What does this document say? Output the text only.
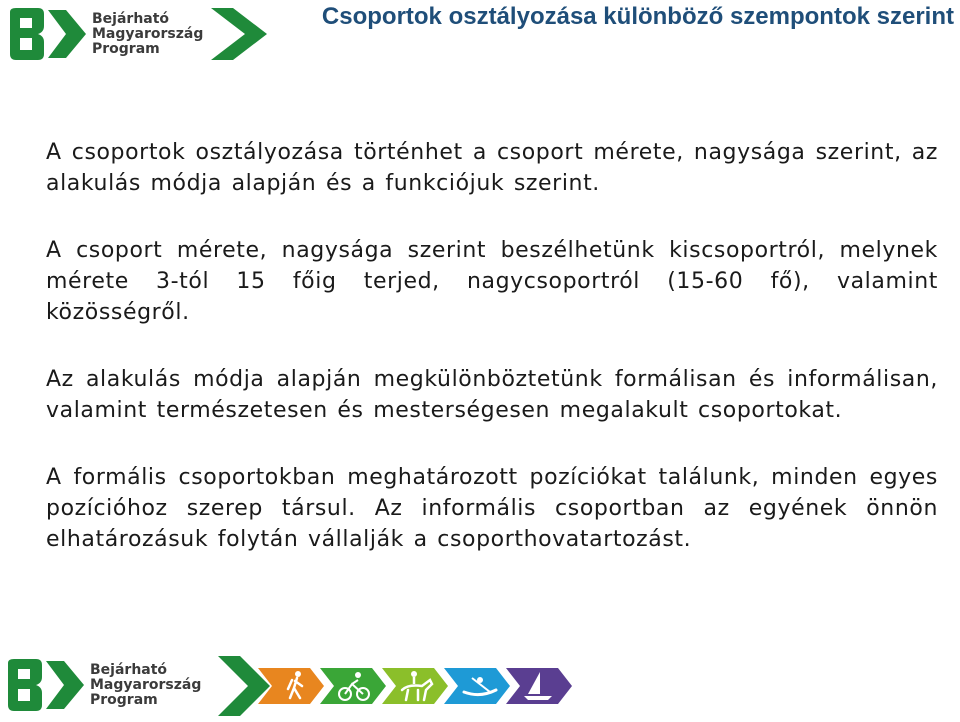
Bejárható
Magyarország
Program
Csoportok osztályozása különböző szempontok szerint

A csoportok osztályozása történhet a csoport mérete, nagysága szerint, az alakulás módja alapján és a funkciójuk szerint.

A csoport mérete, nagysága szerint beszélhetünk kiscsoportról, melynek mérete 3-tól 15 főig terjed, nagycsoportról (15-60 fő), valamint közösségről.

Az alakulás módja alapján megkülönböztetünk formálisan és informálisan, valamint természetesen és mesterségesen megalakult csoportokat.

A formális csoportokban meghatározott pozíciókat találunk, minden egyes pozícióhoz szerep társul. Az informális csoportban az egyének önnön elhatározásuk folytán vállalják a csoporthovatartozást.

Bejárható
Magyarország
Program
